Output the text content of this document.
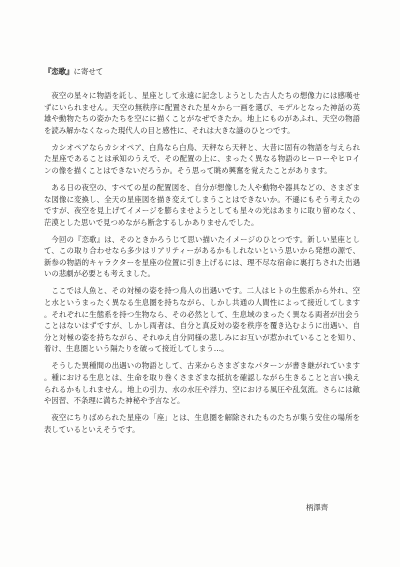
『恋歌』に寄せて

夜空の星々に物語を託し、星座として永遠に記念しようとした古人たちの想像力には感嘆せずにいられません。天空の無秩序に配置された星々から一画を選び、モデルとなった神話の英雄や動物たちの姿かたちを空にに描くことがなぜできたか。地上にものがあふれ、天空の物語を読み解かなくなった現代人の目と感性に、それは大きな謎のひとつです。

カシオペアならカシオペア、白鳥なら白鳥、天秤なら天秤と、大昔に固有の物語を与えられた星座であることは承知のうえで、その配置の上に、まったく異なる物語のヒーローやヒロインの像を描くことはできないだろうか。そう思って眺め興奮を覚えたことがあります。

ある日の夜空の、すべての星の配置図を、自分が想像した人や動物や器具などの、さまざまな図像に変換し、全天の星座図を描き変えてしまうことはできないか。不遜にもそう考えたのですが、夜空を見上げてイメージを膨らませようとしても星々の光はあまりに取り留めなく、茫漠とした思いで見つめながら断念するしかありませんでした。

今回の『恋歌』は、そのときかろうじて思い描いたイメージのひとつです。新しい星座として、この取り合わせなら多少はリアリティーがあるかもしれないという思いから発想の源で、新参の物語的キャラクターを星座の位置に引き上げるには、理不尽な宿命に裏打ちされた出遇いの悲劇が必要とも考えました。

ここでは人魚と、その対極の姿を持つ鳥人の出遇いです。二人はヒトの生態系から外れ、空と水というまったく異なる生息圏を持ちながら、しかし共通の人間性によって接近してします。それぞれに生態系を持つ生物なら、その必然として、生息域のまったく異なる両者が出会うことはないはずですが、しかし両者は、自分と真反対の姿を秩序を覆き込むように出遇い、自分と対極の姿を持ちながら、それゆえ自分同様の悲しみにお互いが惹かれていることを知り、着け、生息圏という隔たりを破って接近してしまう…。

そうした異種間の出遇いの物語として、古来からさまざまなパターンが書き継がれています。種における生息とは、生命を取り巻くさまざまな抵抗を確認しながら生きることと言い換えられるかもしれません。地上の引力、水の水圧や浮力、空における風圧や乱気流。さらには敵や因習、不条理に満ちた神秘や予言など。

夜空にちりばめられた星座の「座」とは、生息圏を解除されたものたちが集う安住の場所を表しているといえそうです。

柄澤齊
